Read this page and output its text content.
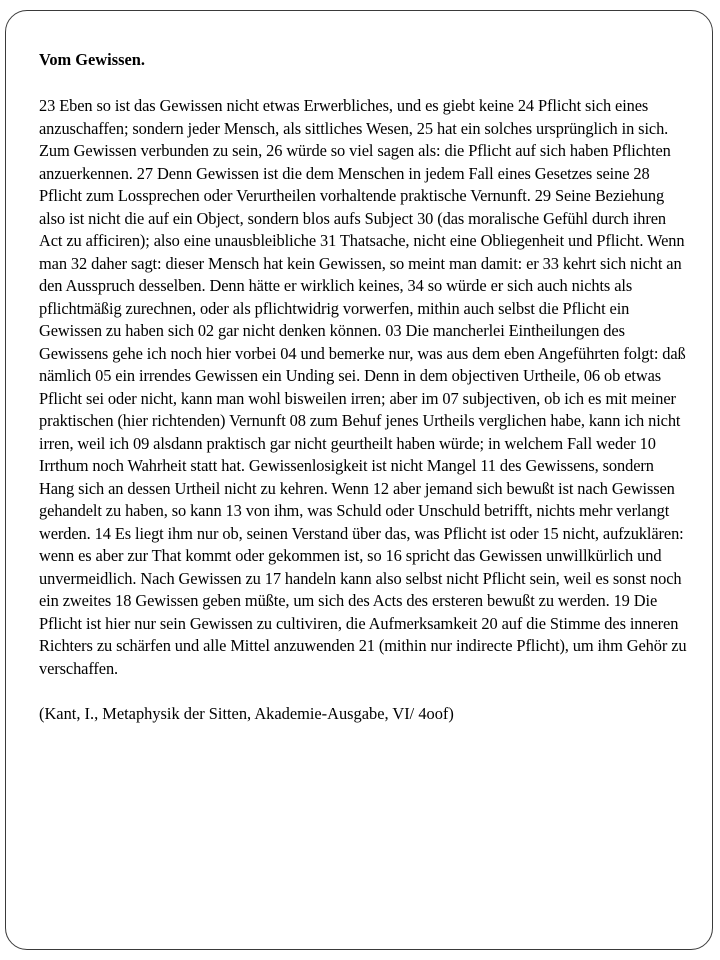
Vom Gewissen.

23 Eben so ist das Gewissen nicht etwas Erwerbliches, und es giebt keine 24 Pflicht sich eines anzuschaffen; sondern jeder Mensch, als sittliches Wesen, 25 hat ein solches ursprünglich in sich. Zum Gewissen verbunden zu sein, 26 würde so viel sagen als: die Pflicht auf sich haben Pflichten anzuerkennen. 27 Denn Gewissen ist die dem Menschen in jedem Fall eines Gesetzes seine 28 Pflicht zum Lossprechen oder Verurtheilen vorhaltende praktische Vernunft. 29 Seine Beziehung also ist nicht die auf ein Object, sondern blos aufs Subject 30 (das moralische Gefühl durch ihren Act zu afficiren); also eine unausbleibliche 31 Thatsache, nicht eine Obliegenheit und Pflicht. Wenn man 32 daher sagt: dieser Mensch hat kein Gewissen, so meint man damit: er 33 kehrt sich nicht an den Ausspruch desselben. Denn hätte er wirklich keines, 34 so würde er sich auch nichts als pflichtmäßig zurechnen, oder als pflichtwidrig vorwerfen, mithin auch selbst die Pflicht ein Gewissen zu haben sich 02 gar nicht denken können. 03 Die mancherlei Eintheilungen des Gewissens gehe ich noch hier vorbei 04 und bemerke nur, was aus dem eben Angeführten folgt: daß nämlich 05 ein irrendes Gewissen ein Unding sei. Denn in dem objectiven Urtheile, 06 ob etwas Pflicht sei oder nicht, kann man wohl bisweilen irren; aber im 07 subjectiven, ob ich es mit meiner praktischen (hier richtenden) Vernunft 08 zum Behuf jenes Urtheils verglichen habe, kann ich nicht irren, weil ich 09 alsdann praktisch gar nicht geurtheilt haben würde; in welchem Fall weder 10 Irrthum noch Wahrheit statt hat. Gewissenlosigkeit ist nicht Mangel 11 des Gewissens, sondern Hang sich an dessen Urtheil nicht zu kehren. Wenn 12 aber jemand sich bewußt ist nach Gewissen gehandelt zu haben, so kann 13 von ihm, was Schuld oder Unschuld betrifft, nichts mehr verlangt werden. 14 Es liegt ihm nur ob, seinen Verstand über das, was Pflicht ist oder 15 nicht, aufzuklären: wenn es aber zur That kommt oder gekommen ist, so 16 spricht das Gewissen unwillkürlich und unvermeidlich. Nach Gewissen zu 17 handeln kann also selbst nicht Pflicht sein, weil es sonst noch ein zweites 18 Gewissen geben müßte, um sich des Acts des ersteren bewußt zu werden. 19 Die Pflicht ist hier nur sein Gewissen zu cultiviren, die Aufmerksamkeit 20 auf die Stimme des inneren Richters zu schärfen und alle Mittel anzuwenden 21 (mithin nur indirecte Pflicht), um ihm Gehör zu verschaffen.

(Kant, I., Metaphysik der Sitten, Akademie-Ausgabe, VI/ 4oof)
